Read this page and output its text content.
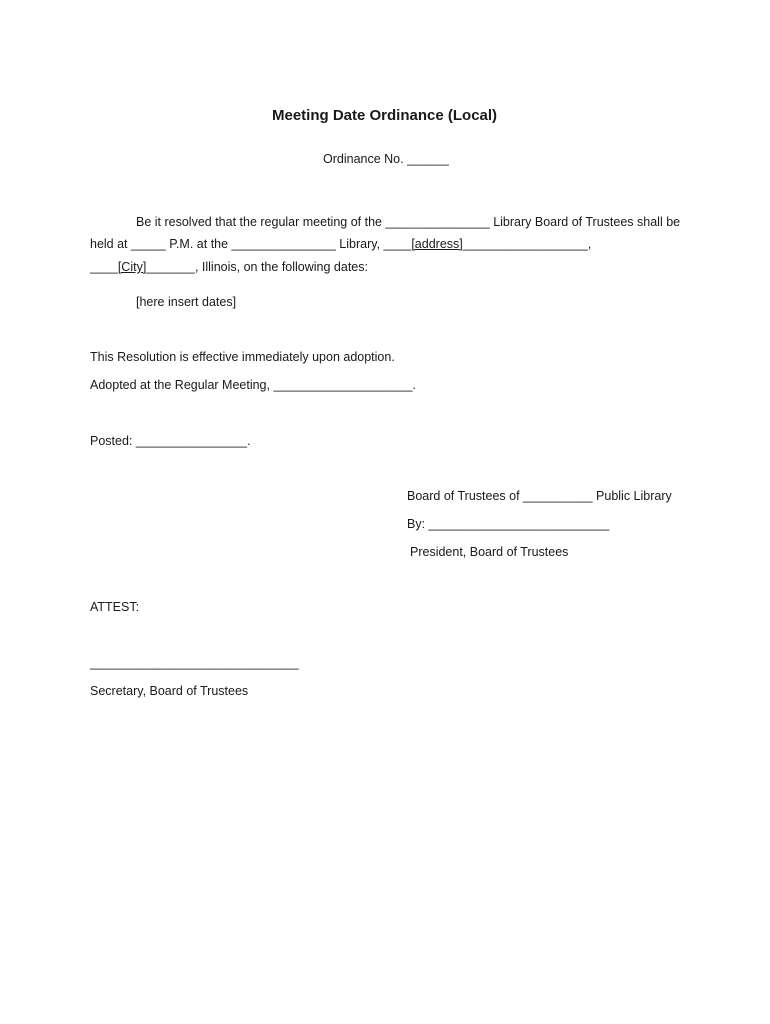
Meeting Date Ordinance (Local)
Ordinance No. ______
Be it resolved that the regular meeting of the _______________ Library Board of Trustees shall be
held at _____ P.M. at the _______________ Library, ____[address]__________________,
____[City]_______, Illinois, on the following dates:
[here insert dates]
This Resolution is effective immediately upon adoption.
Adopted at the Regular Meeting, ____________________.
Posted: ________________.
Board of Trustees of __________ Public Library
By: __________________________
President, Board of Trustees
ATTEST:
______________________________
Secretary, Board of Trustees
